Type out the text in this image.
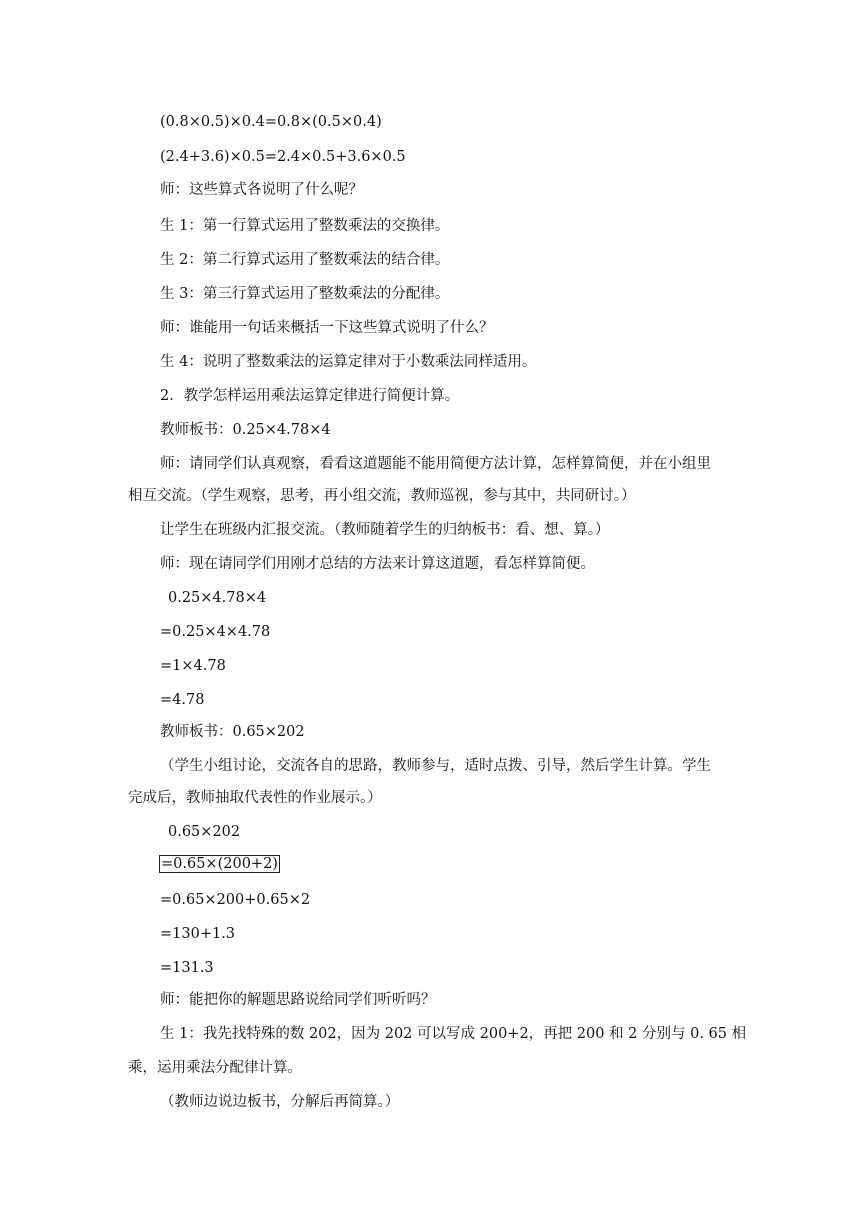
(0.8×0.5)×0.4=0.8×(0.5×0.4)
(2.4+3.6)×0.5=2.4×0.5+3.6×0.5
师：这些算式各说明了什么呢？
生 1：第一行算式运用了整数乘法的交换律。
生 2：第二行算式运用了整数乘法的结合律。
生 3：第三行算式运用了整数乘法的分配律。
师：谁能用一句话来概括一下这些算式说明了什么？
生 4：说明了整数乘法的运算定律对于小数乘法同样适用。
2．教学怎样运用乘法运算定律进行简便计算。
教师板书：0.25×4.78×4
师：请同学们认真观察，看看这道题能不能用简便方法计算，怎样算简便，并在小组里
相互交流。（学生观察，思考，再小组交流，教师巡视，参与其中，共同研讨。）
让学生在班级内汇报交流。（教师随着学生的归纳板书：看、想、算。）
师：现在请同学们用刚才总结的方法来计算这道题，看怎样算简便。
0.25×4.78×4
=0.25×4×4.78
=1×4.78
=4.78
教师板书：0.65×202
（学生小组讨论，交流各自的思路，教师参与，适时点拨、引导，然后学生计算。学生
完成后，教师抽取代表性的作业展示。）
0.65×202
=0.65×(200+2)
=0.65×200+0.65×2
=130+1.3
=131.3
师：能把你的解题思路说给同学们听听吗？
生 1：我先找特殊的数 202，因为 202 可以写成 200+2，再把 200 和 2 分别与 0. 65 相
乘，运用乘法分配律计算。
（教师边说边板书，分解后再简算。）
